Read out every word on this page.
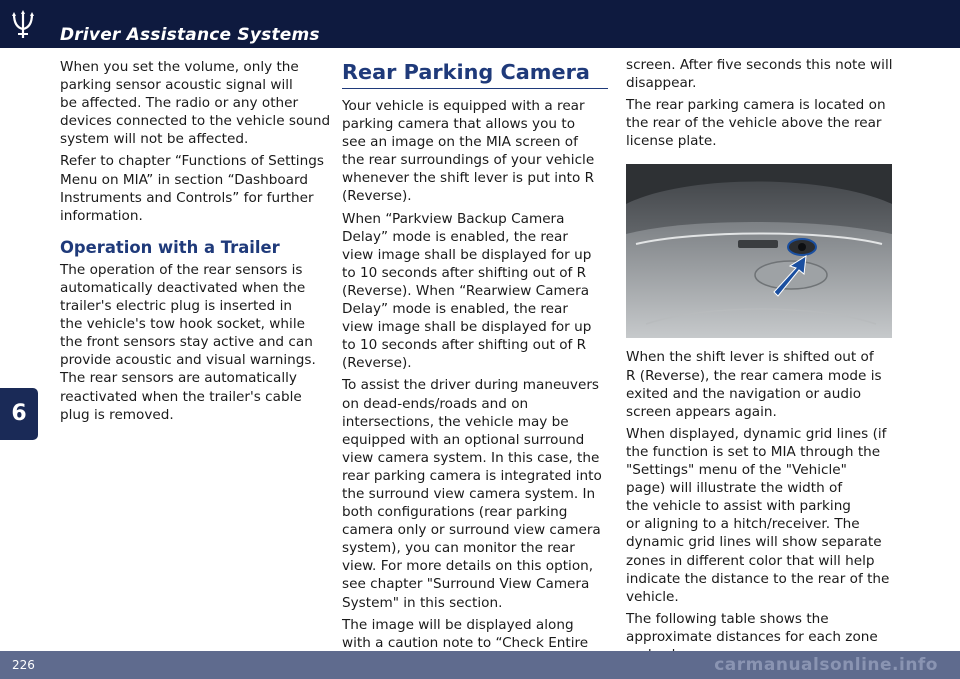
Driver Assistance Systems
6

When you set the volume, only the
parking sensor acoustic signal will
be affected. The radio or any other
devices connected to the vehicle sound
system will not be affected.

Refer to chapter “Functions of Settings
Menu on MIA” in section “Dashboard
Instruments and Controls” for further
information.

Operation with a Trailer

The operation of the rear sensors is
automatically deactivated when the
trailer's electric plug is inserted in
the vehicle's tow hook socket, while
the front sensors stay active and can
provide acoustic and visual warnings.
The rear sensors are automatically
reactivated when the trailer's cable
plug is removed.

Rear Parking Camera

Your vehicle is equipped with a rear
parking camera that allows you to
see an image on the MIA screen of
the rear surroundings of your vehicle
whenever the shift lever is put into R
(Reverse).

When “Parkview Backup Camera
Delay” mode is enabled, the rear
view image shall be displayed for up
to 10 seconds after shifting out of R
(Reverse). When “Rearwiew Camera
Delay” mode is enabled, the rear
view image shall be displayed for up
to 10 seconds after shifting out of R
(Reverse).

To assist the driver during maneuvers
on dead-ends/roads and on
intersections, the vehicle may be
equipped with an optional surround
view camera system. In this case, the
rear parking camera is integrated into
the surround view camera system. In
both configurations (rear parking
camera only or surround view camera
system), you can monitor the rear
view. For more details on this option,
see chapter "Surround View Camera
System" in this section.

The image will be displayed along
with a caution note to “Check Entire

screen. After five seconds this note will
disappear.

The rear parking camera is located on
the rear of the vehicle above the rear
license plate.

When the shift lever is shifted out of
R (Reverse), the rear camera mode is
exited and the navigation or audio
screen appears again.

When displayed, dynamic grid lines (if
the function is set to MIA through the
"Settings" menu of the "Vehicle"
page) will illustrate the width of
the vehicle to assist with parking
or aligning to a hitch/receiver. The
dynamic grid lines will show separate
zones in different color that will help
indicate the distance to the rear of the
vehicle.

The following table shows the
approximate distances for each zone

226	carmanualsonline.info
